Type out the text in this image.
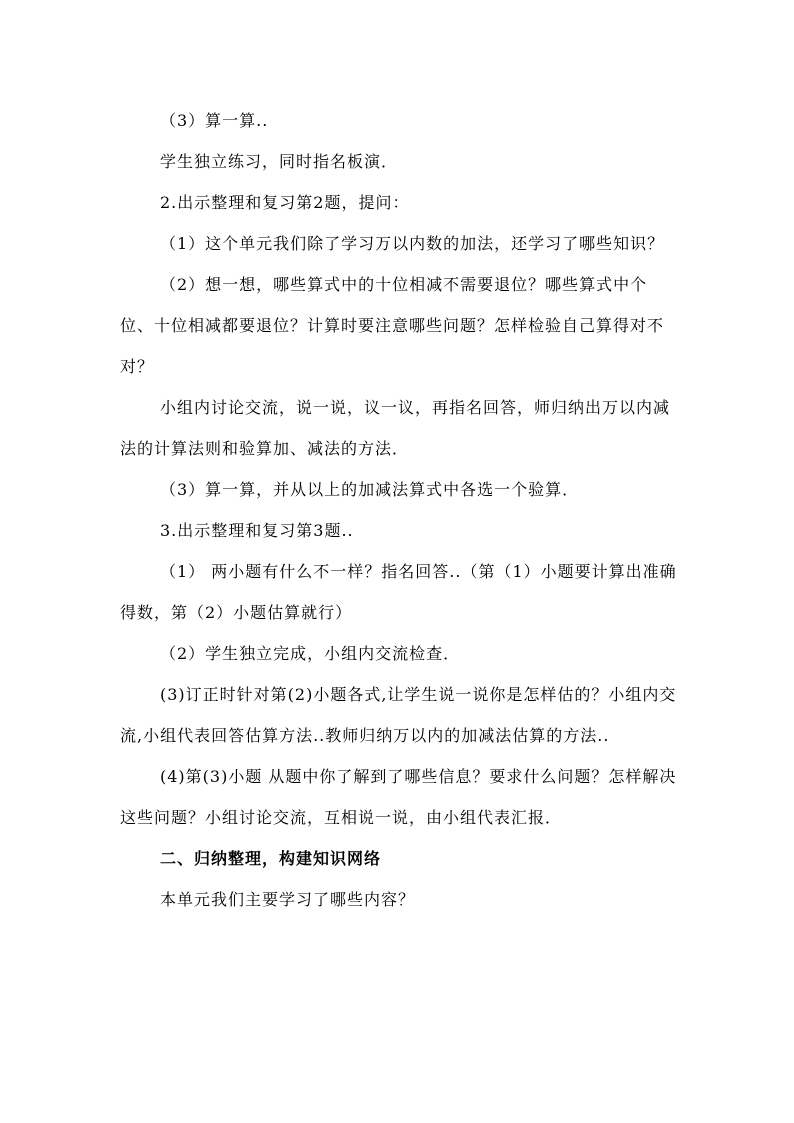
（3）算一算..

学生独立练习，同时指名板演．

2.出示整理和复习第2题，提问：

（1）这个单元我们除了学习万以内数的加法，还学习了哪些知识？

（2）想一想，哪些算式中的十位相减不需要退位？哪些算式中个位、十位相减都要退位？计算时要注意哪些问题？怎样检验自己算得对不对？

小组内讨论交流，说一说，议一议，再指名回答，师归纳出万以内减法的计算法则和验算加、减法的方法．

（3）算一算，并从以上的加减法算式中各选一个验算．

3.出示整理和复习第3题..

（1） 两小题有什么不一样？指名回答..（第（1）小题要计算出准确得数，第（2）小题估算就行）

（2）学生独立完成，小组内交流检查．

(3)订正时针对第(2)小题各式,让学生说一说你是怎样估的？小组内交流,小组代表回答估算方法..教师归纳万以内的加减法估算的方法..

(4)第(3)小题 从题中你了解到了哪些信息？要求什么问题？怎样解决这些问题？小组讨论交流，互相说一说，由小组代表汇报．

二、归纳整理，构建知识网络

本单元我们主要学习了哪些内容？
